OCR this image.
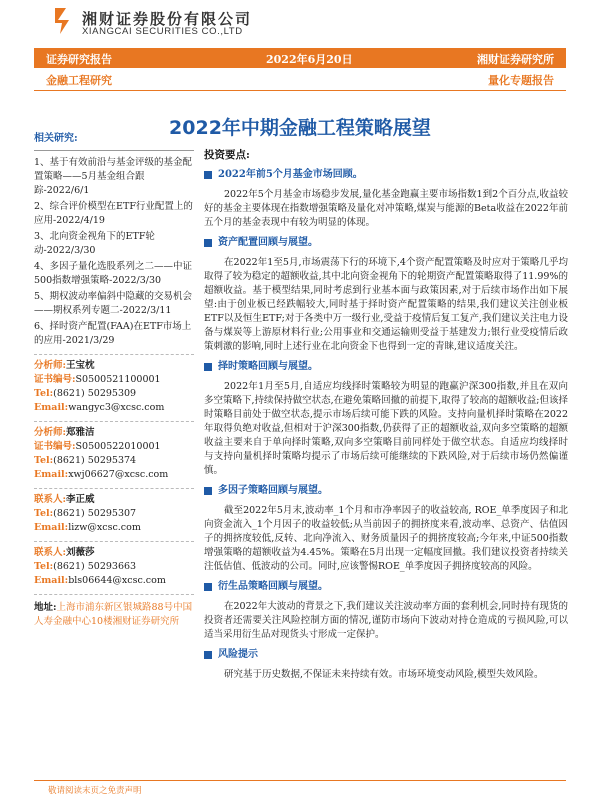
湘财证券股份有限公司
XIANGCAI SECURITIES CO.,LTD
证券研究报告	2022年6月20日	湘财证券研究所
金融工程研究	量化专题报告
2022年中期金融工程策略展望
相关研究:
1、基于有效前沿与基金评级的基金配置策略——5月基金组合跟踪-2022/6/1
2、综合评价模型在ETF行业配置上的应用-2022/4/19
3、北向资金视角下的ETF轮动-2022/3/30
4、多因子量化选股系列之二——中证500指数增强策略-2022/3/30
5、期权波动率偏斜中隐藏的交易机会——期权系列专题二-2022/3/11
6、择时资产配置(FAA)在ETF市场上的应用-2021/3/29
分析师:王宝枕
证书编号:S0500521100001
Tel:(8621) 50295309
Email:wangyc3@xcsc.com
分析师:郑雅洁
证书编号:S0500522010001
Tel:(8621) 50295374
Email:xwj06627@xcsc.com
联系人:李正威
Tel:(8621) 50295307
Email:lizw@xcsc.com
联系人:刘薇莎
Tel:(8621) 50293663
Email:bls06644@xcsc.com
地址:上海市浦东新区银城路88号中国人寿金融中心10楼湘财证券研究所
投资要点:
2022年前5个月基金市场回顾。

2022年5个月基金市场稳步发展,量化基金跑赢主要市场指数1到2个百分点,收益较好的基金主要体现在指数增强策略及量化对冲策略,煤炭与能源的Beta收益在2022年前五个月的基金表现中有较为明显的体现。

资产配置回顾与展望。

在2022年1至5月,市场震荡下行的环境下,4个资产配置策略及时应对于策略几乎均取得了较为稳定的超额收益,其中北向资金视角下的轮期资产配置策略取得了11.99%的超额收益。基于模型结果,同时考虑到行业基本面与政策因素,对于后续市场作出如下展望:由于创业板已经跌幅较大,同时基于择时资产配置策略的结果,我们建议关注创业板ETF以及恒生ETF;对于各类中万一级行业,受益于疫情后复工复产,我们建议关注电力设备与煤炭等上游原材料行业;公用事业和交通运输则受益于基建发力;银行业受疫情后政策刺激的影响,同时上述行业在北向资金下也得到一定的青睐,建议适度关注。

择时策略回顾与展望。

2022年1月至5月,自适应均线择时策略较为明显的跑赢沪深300指数,并且在双向多空策略下,持续保持做空状态,在避免策略回撤的前提下,取得了较高的超额收益;但该择时策略目前处于做空状态,提示市场后续可能下跌的风险。支持向量机择时策略在2022年取得负绝对收益,但相对于沪深300指数,仍获得了正的超额收益,双向多空策略的超额收益主要来自于单向择时策略,双向多空策略目前同样处于做空状态。自适应均线择时与支持向量机择时策略均提示了市场后续可能继续的下跌风险,对于后续市场仍然偏谨慎。

多因子策略回顾与展望。

截至2022年5月末,波动率_1个月和市净率因子的收益较高, ROE_单季度因子和北向资金流入_1个月因子的收益较低;从当前因子的拥挤度来看,波动率、总资产、估值因子的拥挤度较低,反转、北向净流入、财务质量因子的拥挤度较高;今年来,中证500指数增强策略的超额收益为4.45%。策略在5月出现一定幅度回撤。我们建议投资者持续关注低估值、低波动的公司。同时,应该警惕ROE_单季度因子拥挤度较高的风险。

衍生品策略回顾与展望。

在2022年大波动的背景之下,我们建议关注波动率方面的套利机会,同时持有现货的投资者还需要关注风险控制方面的情况,谨防市场向下波动对持仓造成的亏损风险,可以适当采用衍生品对现货头寸形成一定保护。

风险提示

研究基于历史数据,不保证未来持续有效。市场环境变动风险,模型失效风险。

敬请阅读末页之免责声明
